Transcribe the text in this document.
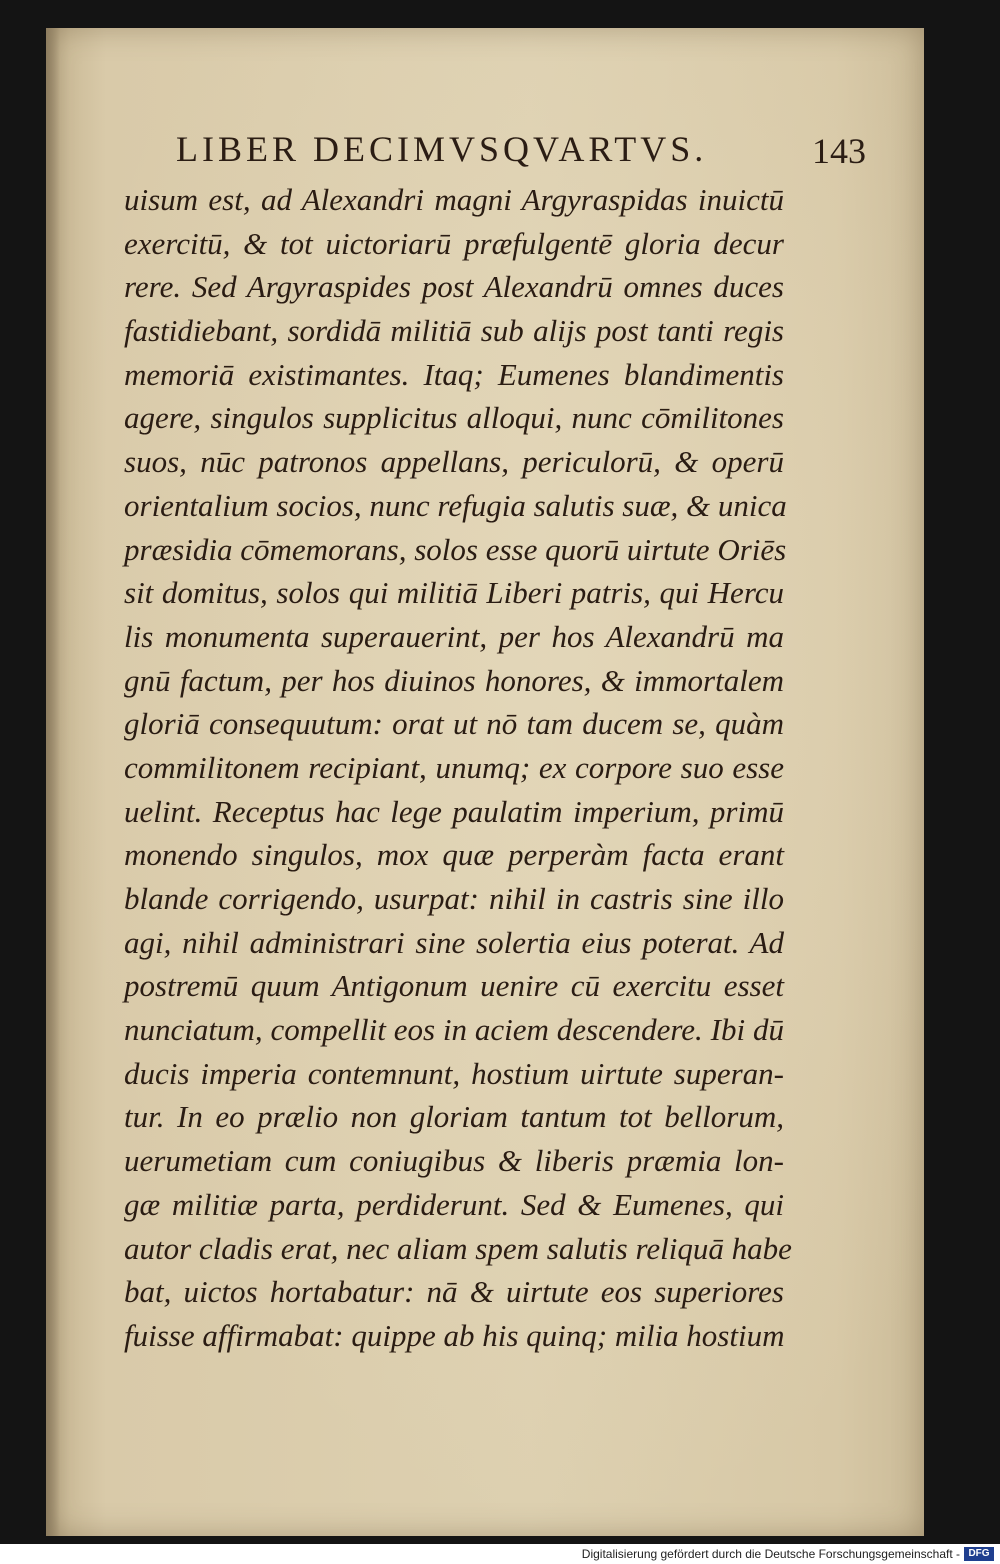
LIBER DECIMVSQVARTVS.	143
uisum est, ad Alexandri magni Argyraspidas inuictū
exercitū, & tot uictoriarū præfulgentē gloria decur
rere. Sed Argyraspides post Alexandrū omnes duces
fastidiebant, sordidā militiā sub alijs post tanti regis
memoriā existimantes. Itaq; Eumenes blandimentis
agere, singulos supplicitus alloqui, nunc cōmilitones
suos, nūc patronos appellans, periculorū, & operū
orientalium socios, nunc refugia salutis suæ, & unica
præsidia cōmemorans, solos esse quorū uirtute Oriēs
sit domitus, solos qui militiā Liberi patris, qui Hercu
lis monumenta superauerint, per hos Alexandrū ma
gnū factum, per hos diuinos honores, & immortalem
gloriā consequutum: orat ut nō tam ducem se, quàm
commilitonem recipiant, unumq; ex corpore suo esse
uelint. Receptus hac lege paulatim imperium, primū
monendo singulos, mox quæ perperàm facta erant
blande corrigendo, usurpat: nihil in castris sine illo
agi, nihil administrari sine solertia eius poterat. Ad
postremū quum Antigonum uenire cū exercitu esset
nunciatum, compellit eos in aciem descendere. Ibi dū
ducis imperia contemnunt, hostium uirtute superan-
tur. In eo prælio non gloriam tantum tot bellorum,
uerumetiam cum coniugibus & liberis præmia lon-
gæ militiæ parta, perdiderunt. Sed & Eumenes, qui
autor cladis erat, nec aliam spem salutis reliquā habe
bat, uictos hortabatur: nā & uirtute eos superiores
fuisse affirmabat: quippe ab his quinq; milia hostium
Digitalisierung gefördert durch die Deutsche Forschungsgemeinschaft - DFG
